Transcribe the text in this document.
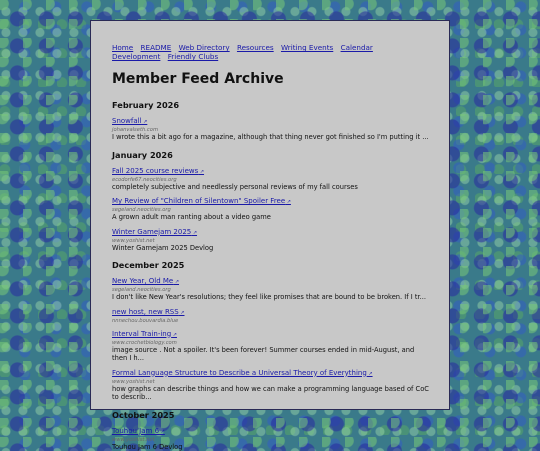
Home README Web Directory Resources Writing Events Calendar Development Friendly Clubs
Member Feed Archive
February 2026
Snowfall ↗
johanvalseth.com
I wrote this a bit ago for a magazine, although that thing never got finished so I'm putting it ...
January 2026
Fall 2025 course reviews ↗
ecodorfe67.neocities.org
completely subjective and needlessly personal reviews of my fall courses
My Review of "Children of Silentown" Spoiler Free ↗
segeland.neocities.org
A grown adult man ranting about a video game
Winter Gamejam 2025 ↗
www.yoshist.net
Winter Gamejam 2025 Devlog
December 2025
New Year, Old Me ↗
segeland.neocities.org
I don't like New Year's resolutions; they feel like promises that are bound to be broken. If I tr...
new host, new RSS ↗
nnnechou.bouvardia.blue
Interval Train-ing ↗
www.crochetbiology.com
image source . Not a spoiler. It's been forever! Summer courses ended in mid-August, and then I h...
Formal Language Structure to Describe a Universal Theory of Everything ↗
www.yoshist.net
how graphs can describe things and how we can make a programming language based of CoC to describ...
October 2025
Touhou Jam 6 ↗
www.yoshist.net
Touhou Jam 6 Devlog
